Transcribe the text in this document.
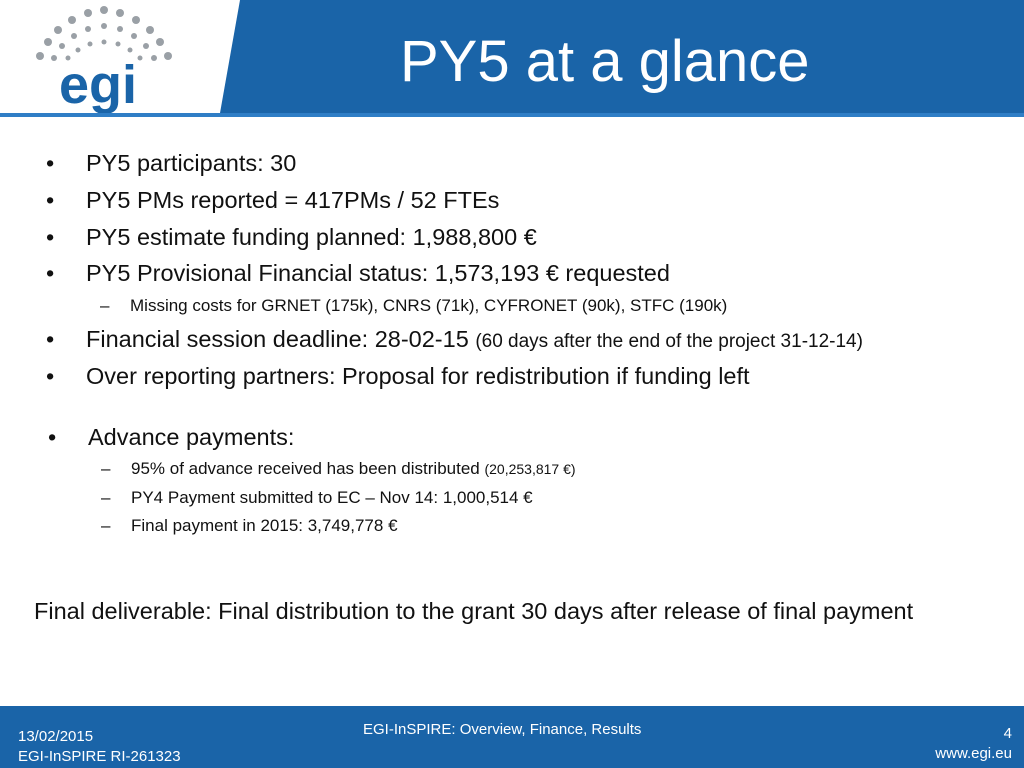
egi	PY5 at a glance
• PY5 participants: 30
• PY5 PMs reported = 417PMs / 52 FTEs
• PY5 estimate funding planned: 1,988,800 €
• PY5 Provisional Financial status: 1,573,193 € requested
– Missing costs for GRNET (175k), CNRS (71k), CYFRONET (90k), STFC (190k)
• Financial session deadline: 28-02-15 (60 days after the end of the project 31-12-14)
• Over reporting partners: Proposal for redistribution if funding left
• Advance payments:
– 95% of advance received has been distributed (20,253,817 €)
– PY4 Payment submitted to EC – Nov 14: 1,000,514 €
– Final payment in 2015: 3,749,778 €
Final deliverable: Final distribution to the grant 30 days after release of final payment
13/02/2015
EGI-InSPIRE RI-261323
EGI-InSPIRE: Overview, Finance, Results	4
www.egi.eu
